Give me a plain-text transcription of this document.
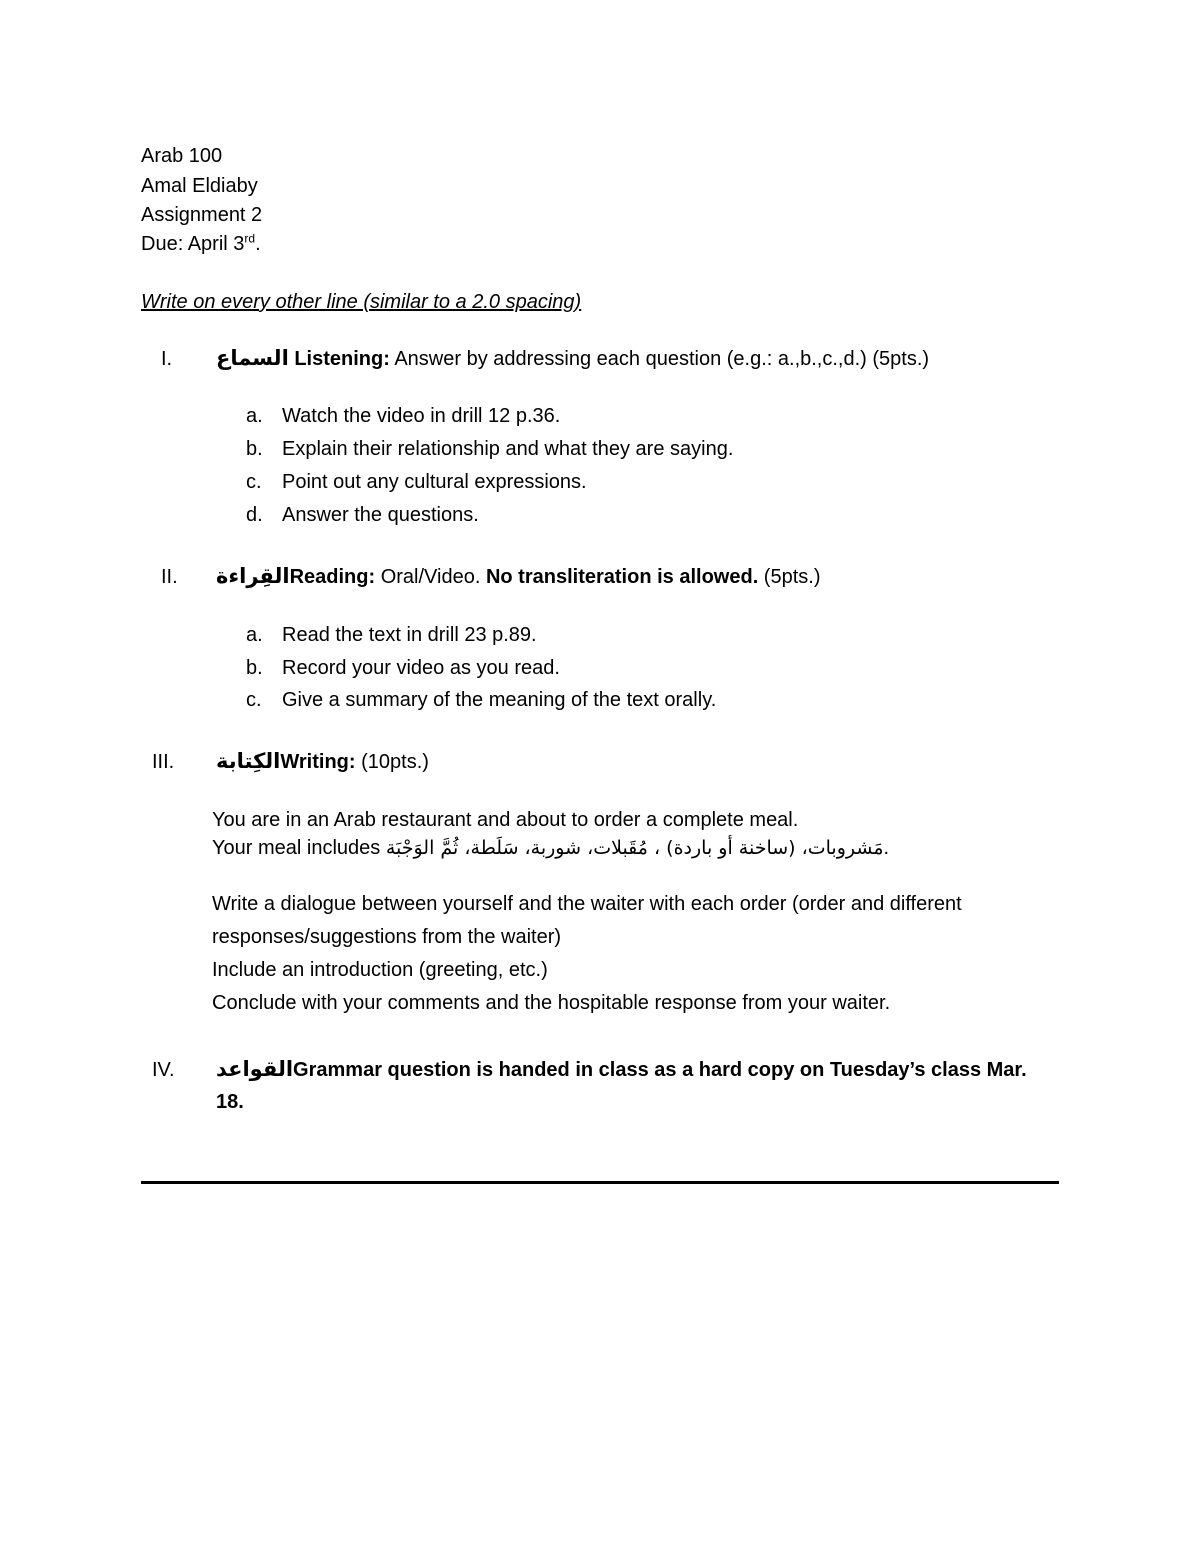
Arab 100
Amal Eldiaby
Assignment 2
Due: April 3rd.
Write on every other line (similar to a 2.0 spacing)
I. السماع Listening: Answer by addressing each question (e.g.: a.,b.,c.,d.) (5pts.)
a. Watch the video in drill 12 p.36.
b. Explain their relationship and what they are saying.
c. Point out any cultural expressions.
d. Answer the questions.
II. القِراءةReading: Oral/Video. No transliteration is allowed. (5pts.)
a. Read the text in drill 23 p.89.
b. Record your video as you read.
c. Give a summary of the meaning of the text orally.
III. الكِتابةWriting: (10pts.)
You are in an Arab restaurant and about to order a complete meal.
Your meal includes مَشروبات، (ساخنة أو باردة) ، مُقَبلات، شوربة، سَلَطة، ثُمَّ الوَجْبَة.
Write a dialogue between yourself and the waiter with each order (order and different
responses/suggestions from the waiter)
Include an introduction (greeting, etc.)
Conclude with your comments and the hospitable response from your waiter.
IV. القواعدGrammar question is handed in class as a hard copy on Tuesday’s class Mar.
18.
